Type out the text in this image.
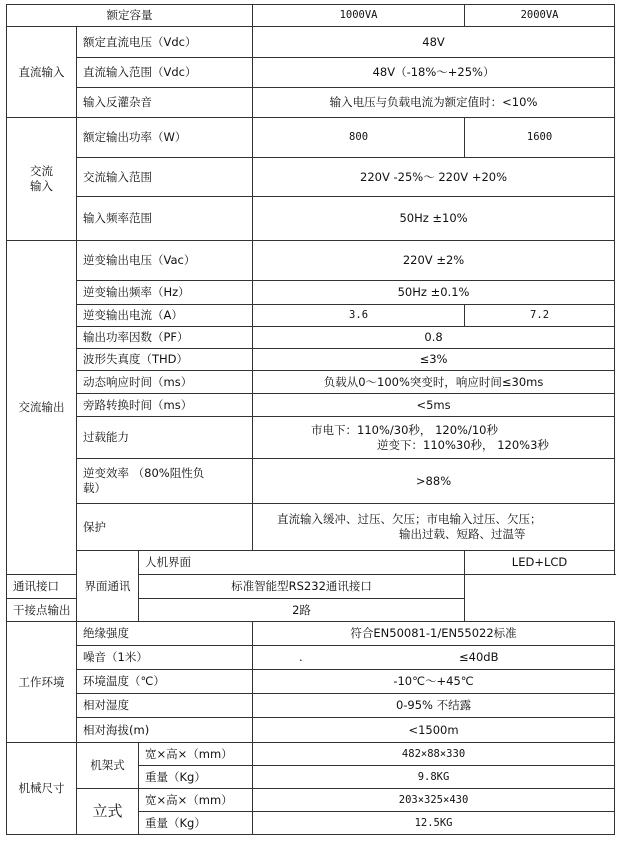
额定容量			1000VA	2000VA
直流输入	额定直流电压（Vdc）		48V	
	直流输入范围（Vdc）		48V（-18%～+25%）	
	输入反灌杂音		输入电压与负载电流为额定值时：<10%	

交流
输入	额定输出功率（W）		800	1600
	交流输入范围		220V -25%～ 220V +20%	
	输入频率范围		50Hz ±10%	
交流输出	逆变输出电压（Vac）		220V ±2%	
	逆变输出频率（Hz）		50Hz ±0.1%	
	逆变输出电流（A）		3.6	7.2
	输出功率因数（PF）		0.8	
	波形失真度（THD）		≤3%	
	动态响应时间（ms）		负载从0～100%突变时，响应时间≤30ms	
	旁路转换时间（ms）		<5ms	
	过载能力		市电下：110%/30秒， 120%/10秒
逆变下：110%30秒， 120%3秒	

	逆变效率 （80%阻性负
载）		>88%	
	保护		直流输入缓冲、过压、欠压；市电输入过压、欠压；
输出过载、短路、过温等	

	界面通讯	人机界面		LED+LCD
通讯接口		标准智能型RS232通讯接口		
干接点输出		2路		
工作环境	绝缘强度		符合EN50081-1/EN55022标准	
	噪音（1米）		. ≤40dB	
	环境温度（℃）		-10℃～+45℃	
	相对湿度		0-95% 不结露	
	相对海拔(m)		<1500m	
机械尺寸	机架式	宽×高×（mm）	482×88×330	
		重量（Kg）	9.8KG	
	立式	宽×高×（mm）	203×325×430	
		重量（Kg）	12.5KG	
